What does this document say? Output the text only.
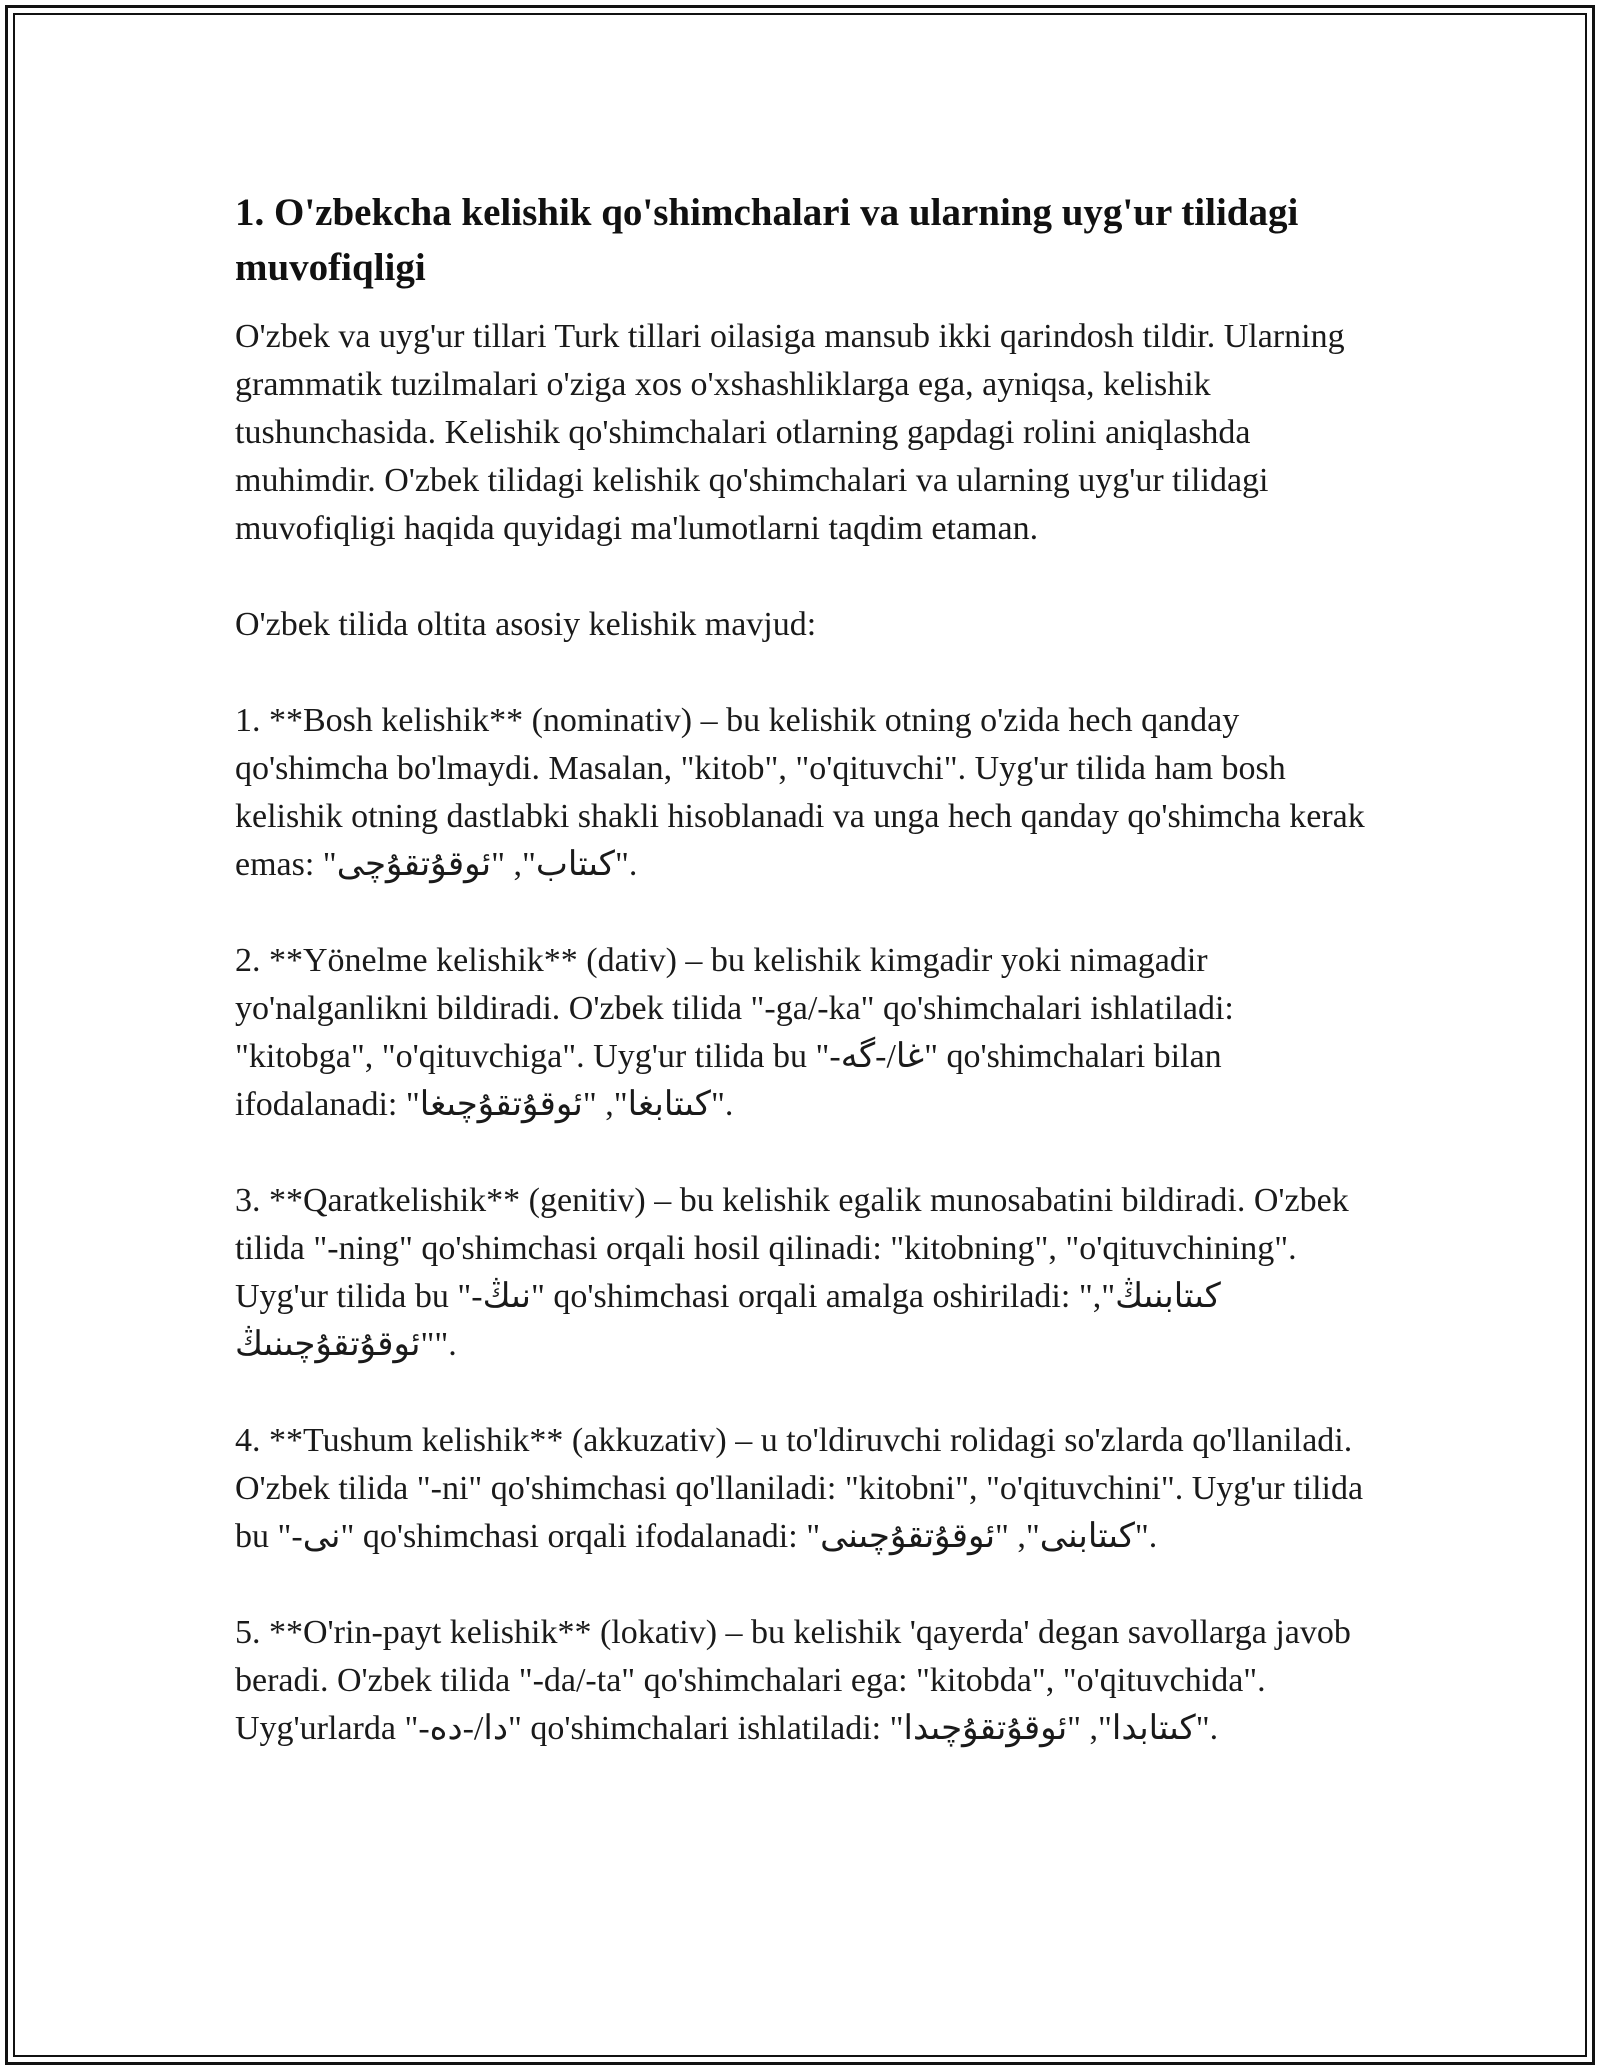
1. O'zbekcha kelishik qo'shimchalari va ularning uyg'ur tilidagi muvofiqligi

O'zbek va uyg'ur tillari Turk tillari oilasiga mansub ikki qarindosh tildir. Ularning grammatik tuzilmalari o'ziga xos o'xshashliklarga ega, ayniqsa, kelishik tushunchasida. Kelishik qo'shimchalari otlarning gapdagi rolini aniqlashda muhimdir. O'zbek tilidagi kelishik qo'shimchalari va ularning uyg'ur tilidagi muvofiqligi haqida quyidagi ma'lumotlarni taqdim etaman.

O'zbek tilida oltita asosiy kelishik mavjud:

1. **Bosh kelishik** (nominativ) – bu kelishik otning o'zida hech qanday qo'shimcha bo'lmaydi. Masalan, "kitob", "o'qituvchi". Uyg'ur tilida ham bosh kelishik otning dastlabki shakli hisoblanadi va unga hech qanday qo'shimcha kerak emas: "كىتاب", "ئوقۇتقۇچى".

2. **Yönelme kelishik** (dativ) – bu kelishik kimgadir yoki nimagadir yo'nalganlikni bildiradi. O'zbek tilida "-ga/-ka" qo'shimchalari ishlatiladi: "kitobga", "o'qituvchiga". Uyg'ur tilida bu "-غا/-گە" qo'shimchalari bilan ifodalanadi: "كىتابغا", "ئوقۇتقۇچىغا".

3. **Qaratkelishik** (genitiv) – bu kelishik egalik munosabatini bildiradi. O'zbek tilida "-ning" qo'shimchasi orqali hosil qilinadi: "kitobning", "o'qituvchining". Uyg'ur tilida bu "-نىڭ" qo'shimchasi orqali amalga oshiriladi: "كىتابنىڭ", "ئوقۇتقۇچىنىڭ".

4. **Tushum kelishik** (akkuzativ) – u to'ldiruvchi rolidagi so'zlarda qo'llaniladi. O'zbek tilida "-ni" qo'shimchasi qo'llaniladi: "kitobni", "o'qituvchini". Uyg'ur tilida bu "-نى" qo'shimchasi orqali ifodalanadi: "كىتابنى", "ئوقۇتقۇچىنى".

5. **O'rin-payt kelishik** (lokativ) – bu kelishik 'qayerda' degan savollarga javob beradi. O'zbek tilida "-da/-ta" qo'shimchalari ega: "kitobda", "o'qituvchida". Uyg'urlarda "-دا/-دە" qo'shimchalari ishlatiladi: "كىتابدا", "ئوقۇتقۇچىدا".
